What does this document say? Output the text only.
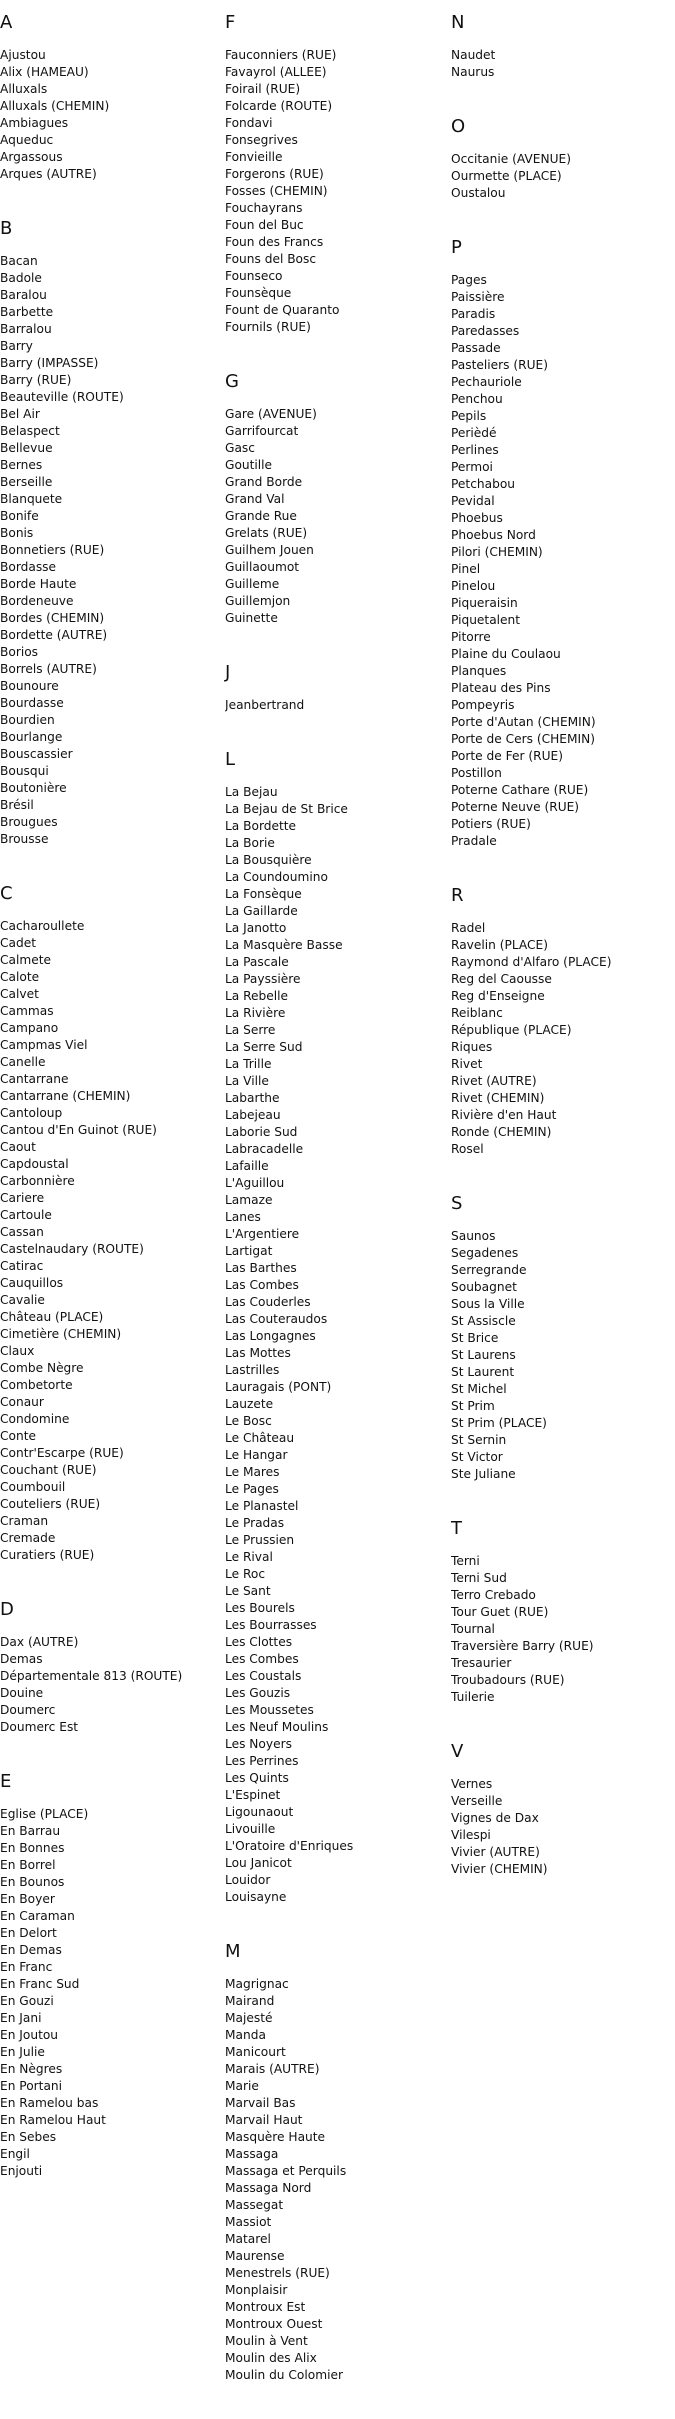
A
Ajustou
Alix (HAMEAU)
Alluxals
Alluxals (CHEMIN)
Ambiagues
Aqueduc
Argassous
Arques (AUTRE)
B
Bacan
Badole
Baralou
Barbette
Barralou
Barry
Barry (IMPASSE)
Barry (RUE)
Beauteville (ROUTE)
Bel Air
Belaspect
Bellevue
Bernes
Berseille
Blanquete
Bonife
Bonis
Bonnetiers (RUE)
Bordasse
Borde Haute
Bordeneuve
Bordes (CHEMIN)
Bordette (AUTRE)
Borios
Borrels (AUTRE)
Bounoure
Bourdasse
Bourdien
Bourlange
Bouscassier
Bousqui
Boutonière
Brésil
Brougues
Brousse
C
Cacharoullete
Cadet
Calmete
Calote
Calvet
Cammas
Campano
Campmas Viel
Canelle
Cantarrane
Cantarrane (CHEMIN)
Cantoloup
Cantou d'En Guinot (RUE)
Caout
Capdoustal
Carbonnière
Cariere
Cartoule
Cassan
Castelnaudary (ROUTE)
Catirac
Cauquillos
Cavalie
Château (PLACE)
Cimetière (CHEMIN)
Claux
Combe Nègre
Combetorte
Conaur
Condomine
Conte
Contr'Escarpe (RUE)
Couchant (RUE)
Coumbouil
Couteliers (RUE)
Craman
Cremade
Curatiers (RUE)
D
Dax (AUTRE)
Demas
Départementale 813 (ROUTE)
Douine
Doumerc
Doumerc Est
E
Eglise (PLACE)
En Barrau
En Bonnes
En Borrel
En Bounos
En Boyer
En Caraman
En Delort
En Demas
En Franc
En Franc Sud
En Gouzi
En Jani
En Joutou
En Julie
En Nègres
En Portani
En Ramelou bas
En Ramelou Haut
En Sebes
Engil
Enjouti
F
Fauconniers (RUE)
Favayrol (ALLEE)
Foirail (RUE)
Folcarde (ROUTE)
Fondavi
Fonsegrives
Fonvieille
Forgerons (RUE)
Fosses (CHEMIN)
Fouchayrans
Foun del Buc
Foun des Francs
Founs del Bosc
Founseco
Founsèque
Fount de Quaranto
Fournils (RUE)
G
Gare (AVENUE)
Garrifourcat
Gasc
Goutille
Grand Borde
Grand Val
Grande Rue
Grelats (RUE)
Guilhem Jouen
Guillaoumot
Guilleme
Guillemjon
Guinette
J
Jeanbertrand
L
La Bejau
La Bejau de St Brice
La Bordette
La Borie
La Bousquière
La Coundoumino
La Fonsèque
La Gaillarde
La Janotto
La Masquère Basse
La Pascale
La Payssière
La Rebelle
La Rivière
La Serre
La Serre Sud
La Trille
La Ville
Labarthe
Labejeau
Laborie Sud
Labracadelle
Lafaille
L'Aguillou
Lamaze
Lanes
L'Argentiere
Lartigat
Las Barthes
Las Combes
Las Couderles
Las Couteraudos
Las Longagnes
Las Mottes
Lastrilles
Lauragais (PONT)
Lauzete
Le Bosc
Le Château
Le Hangar
Le Mares
Le Pages
Le Planastel
Le Pradas
Le Prussien
Le Rival
Le Roc
Le Sant
Les Bourels
Les Bourrasses
Les Clottes
Les Combes
Les Coustals
Les Gouzis
Les Moussetes
Les Neuf Moulins
Les Noyers
Les Perrines
Les Quints
L'Espinet
Ligounaout
Livouille
L'Oratoire d'Enriques
Lou Janicot
Louidor
Louisayne
M
Magrignac
Mairand
Majesté
Manda
Manicourt
Marais (AUTRE)
Marie
Marvail Bas
Marvail Haut
Masquère Haute
Massaga
Massaga et Perquils
Massaga Nord
Massegat
Massiot
Matarel
Maurense
Menestrels (RUE)
Monplaisir
Montroux Est
Montroux Ouest
Moulin à Vent
Moulin des Alix
Moulin du Colomier
N
Naudet
Naurus
O
Occitanie (AVENUE)
Ourmette (PLACE)
Oustalou
P
Pages
Paissière
Paradis
Paredasses
Passade
Pasteliers (RUE)
Pechauriole
Penchou
Pepils
Perièdé
Perlines
Permoi
Petchabou
Pevidal
Phoebus
Phoebus Nord
Pilori (CHEMIN)
Pinel
Pinelou
Piqueraisin
Piquetalent
Pitorre
Plaine du Coulaou
Planques
Plateau des Pins
Pompeyris
Porte d'Autan (CHEMIN)
Porte de Cers (CHEMIN)
Porte de Fer (RUE)
Postillon
Poterne Cathare (RUE)
Poterne Neuve (RUE)
Potiers (RUE)
Pradale
R
Radel
Ravelin (PLACE)
Raymond d'Alfaro (PLACE)
Reg del Caousse
Reg d'Enseigne
Reiblanc
République (PLACE)
Riques
Rivet
Rivet (AUTRE)
Rivet (CHEMIN)
Rivière d'en Haut
Ronde (CHEMIN)
Rosel
S
Saunos
Segadenes
Serregrande
Soubagnet
Sous la Ville
St Assiscle
St Brice
St Laurens
St Laurent
St Michel
St Prim
St Prim (PLACE)
St Sernin
St Victor
Ste Juliane
T
Terni
Terni Sud
Terro Crebado
Tour Guet (RUE)
Tournal
Traversière Barry (RUE)
Tresaurier
Troubadours (RUE)
Tuilerie
V
Vernes
Verseille
Vignes de Dax
Vilespi
Vivier (AUTRE)
Vivier (CHEMIN)
